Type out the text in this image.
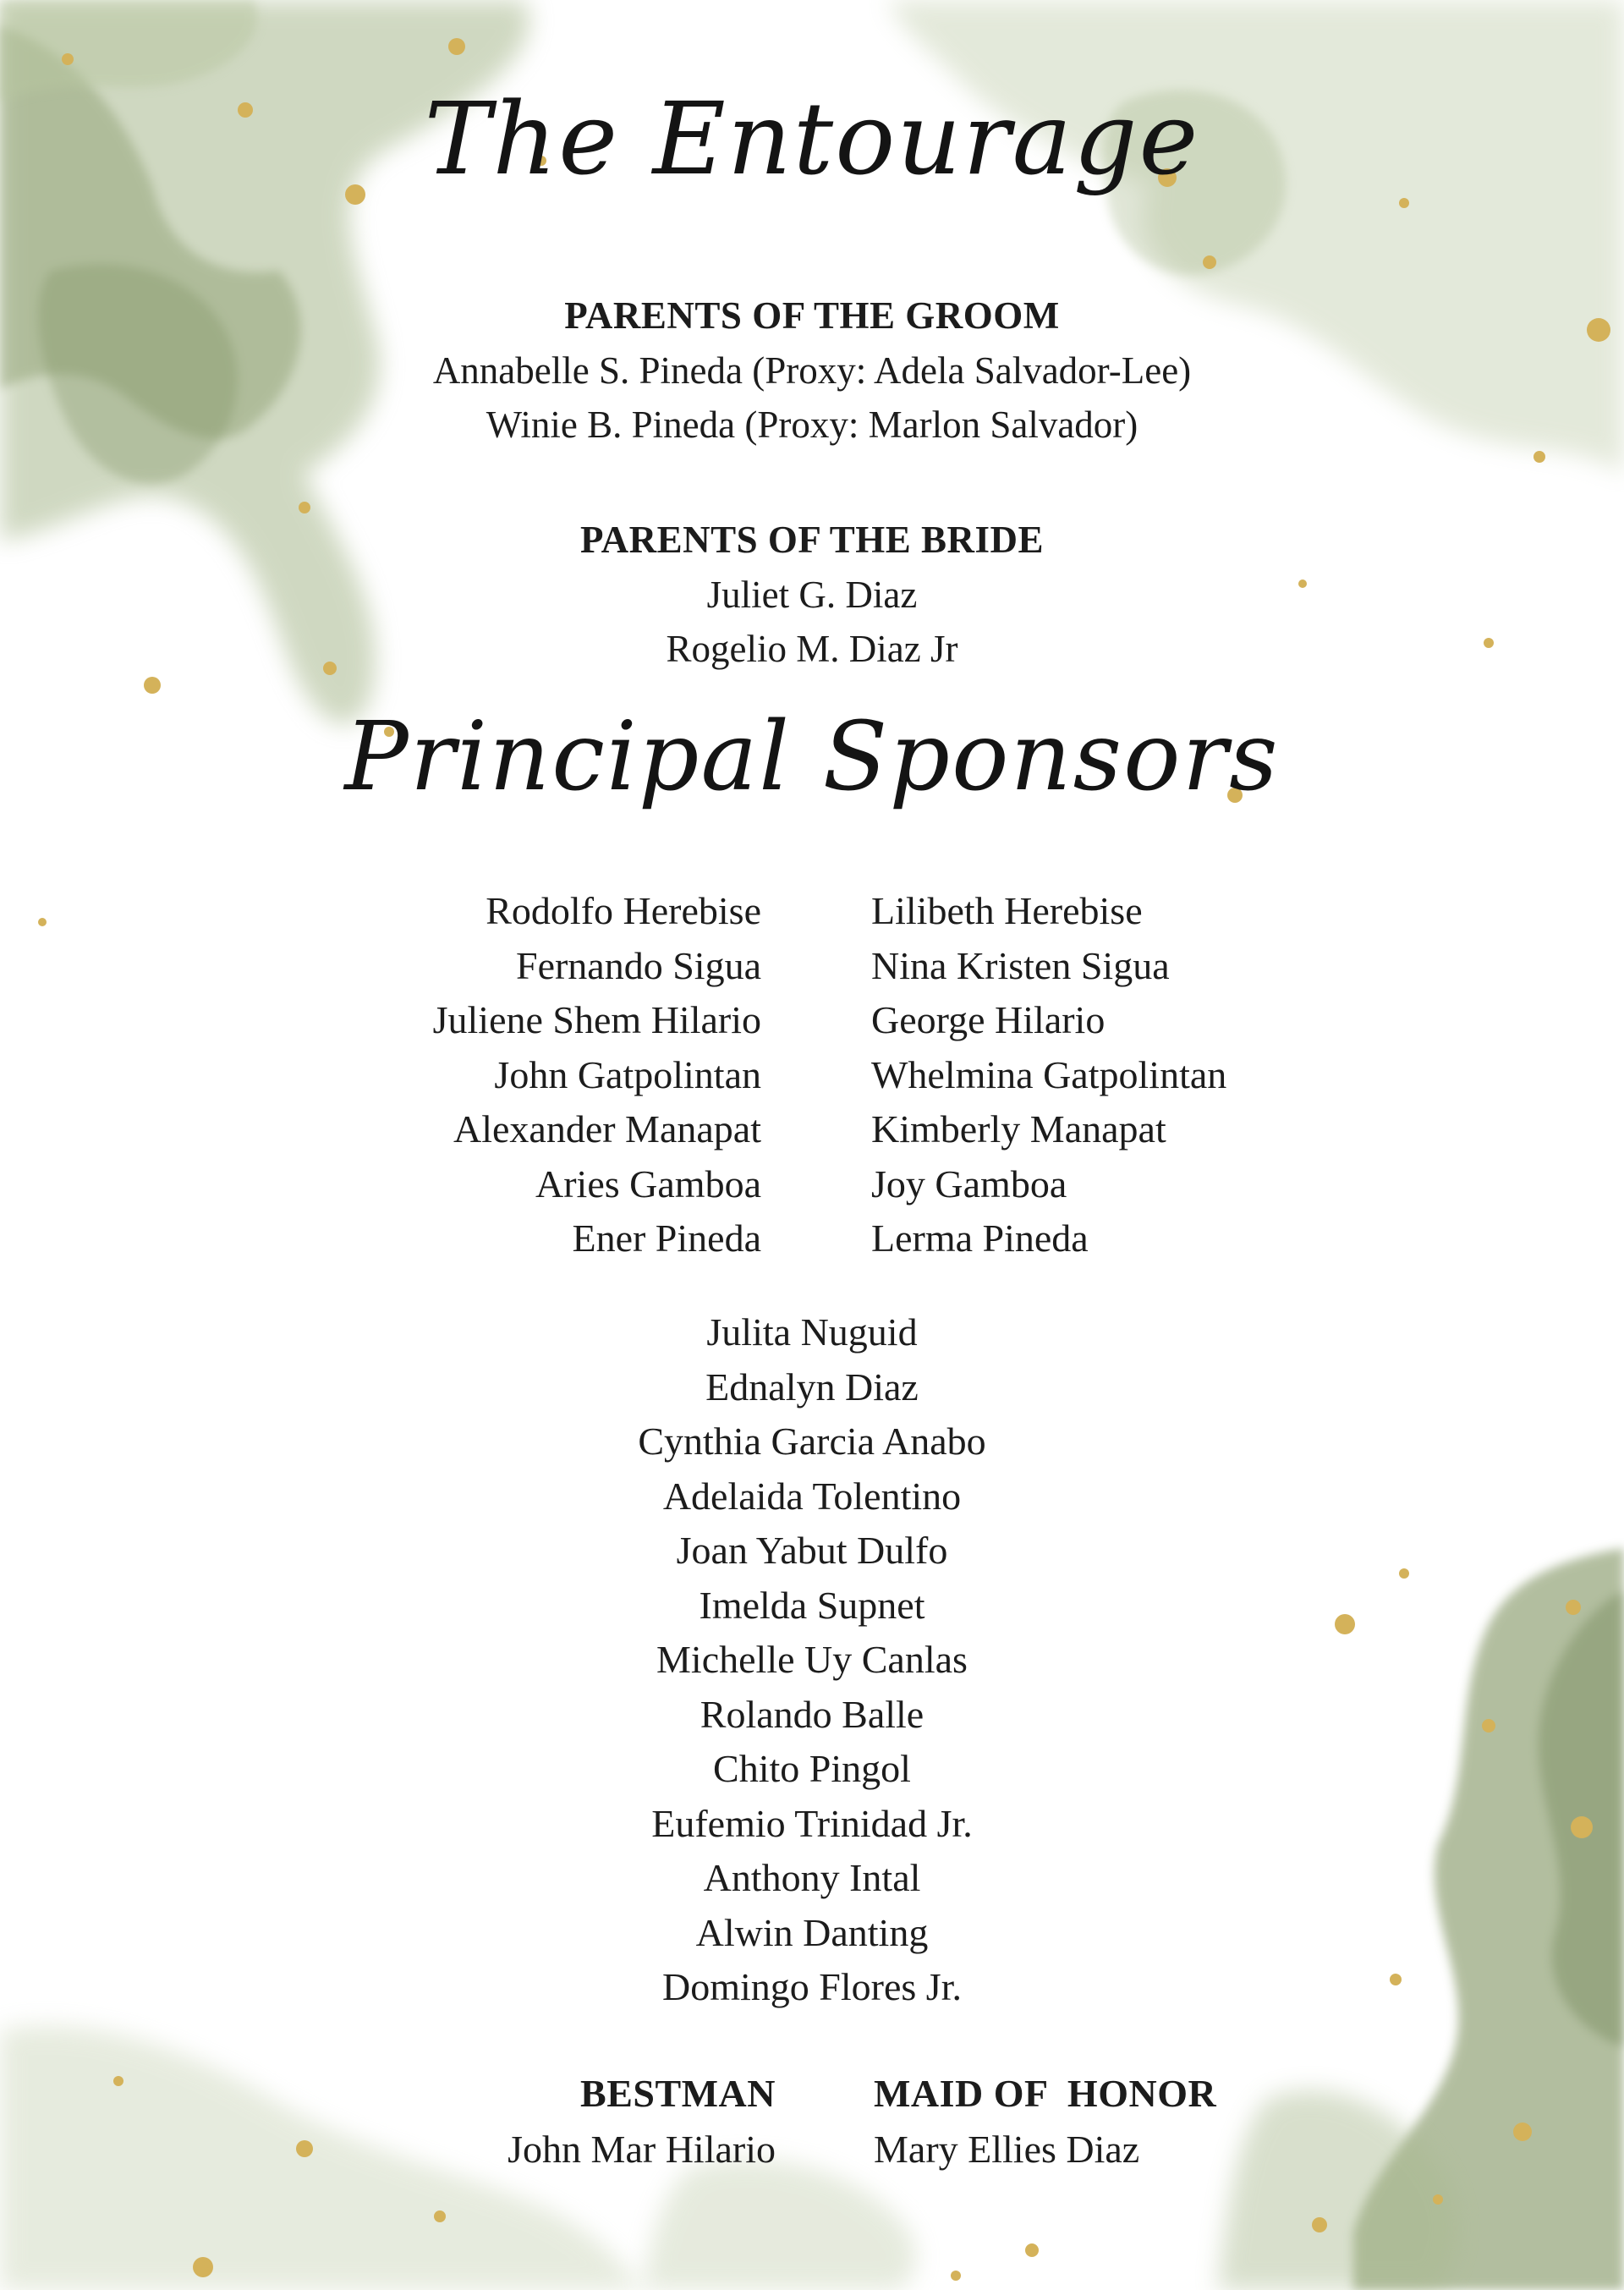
The Entourage
PARENTS OF THE GROOM
Annabelle S. Pineda (Proxy: Adela Salvador-Lee)
Winie B. Pineda (Proxy: Marlon Salvador)
PARENTS OF THE BRIDE
Juliet G. Diaz
Rogelio M. Diaz Jr
Principal Sponsors
Rodolfo Herebise
Fernando Sigua
Juliene Shem Hilario
John Gatpolintan
Alexander Manapat
Aries Gamboa
Ener Pineda
Lilibeth Herebise
Nina Kristen Sigua
George Hilario
Whelmina Gatpolintan
Kimberly Manapat
Joy Gamboa
Lerma Pineda
Julita Nuguid
Ednalyn Diaz
Cynthia Garcia Anabo
Adelaida Tolentino
Joan Yabut Dulfo
Imelda Supnet
Michelle Uy Canlas
Rolando Balle
Chito Pingol
Eufemio Trinidad Jr.
Anthony Intal
Alwin Danting
Domingo Flores Jr.
BESTMAN
John Mar Hilario
MAID OF  HONOR
Mary Ellies Diaz
